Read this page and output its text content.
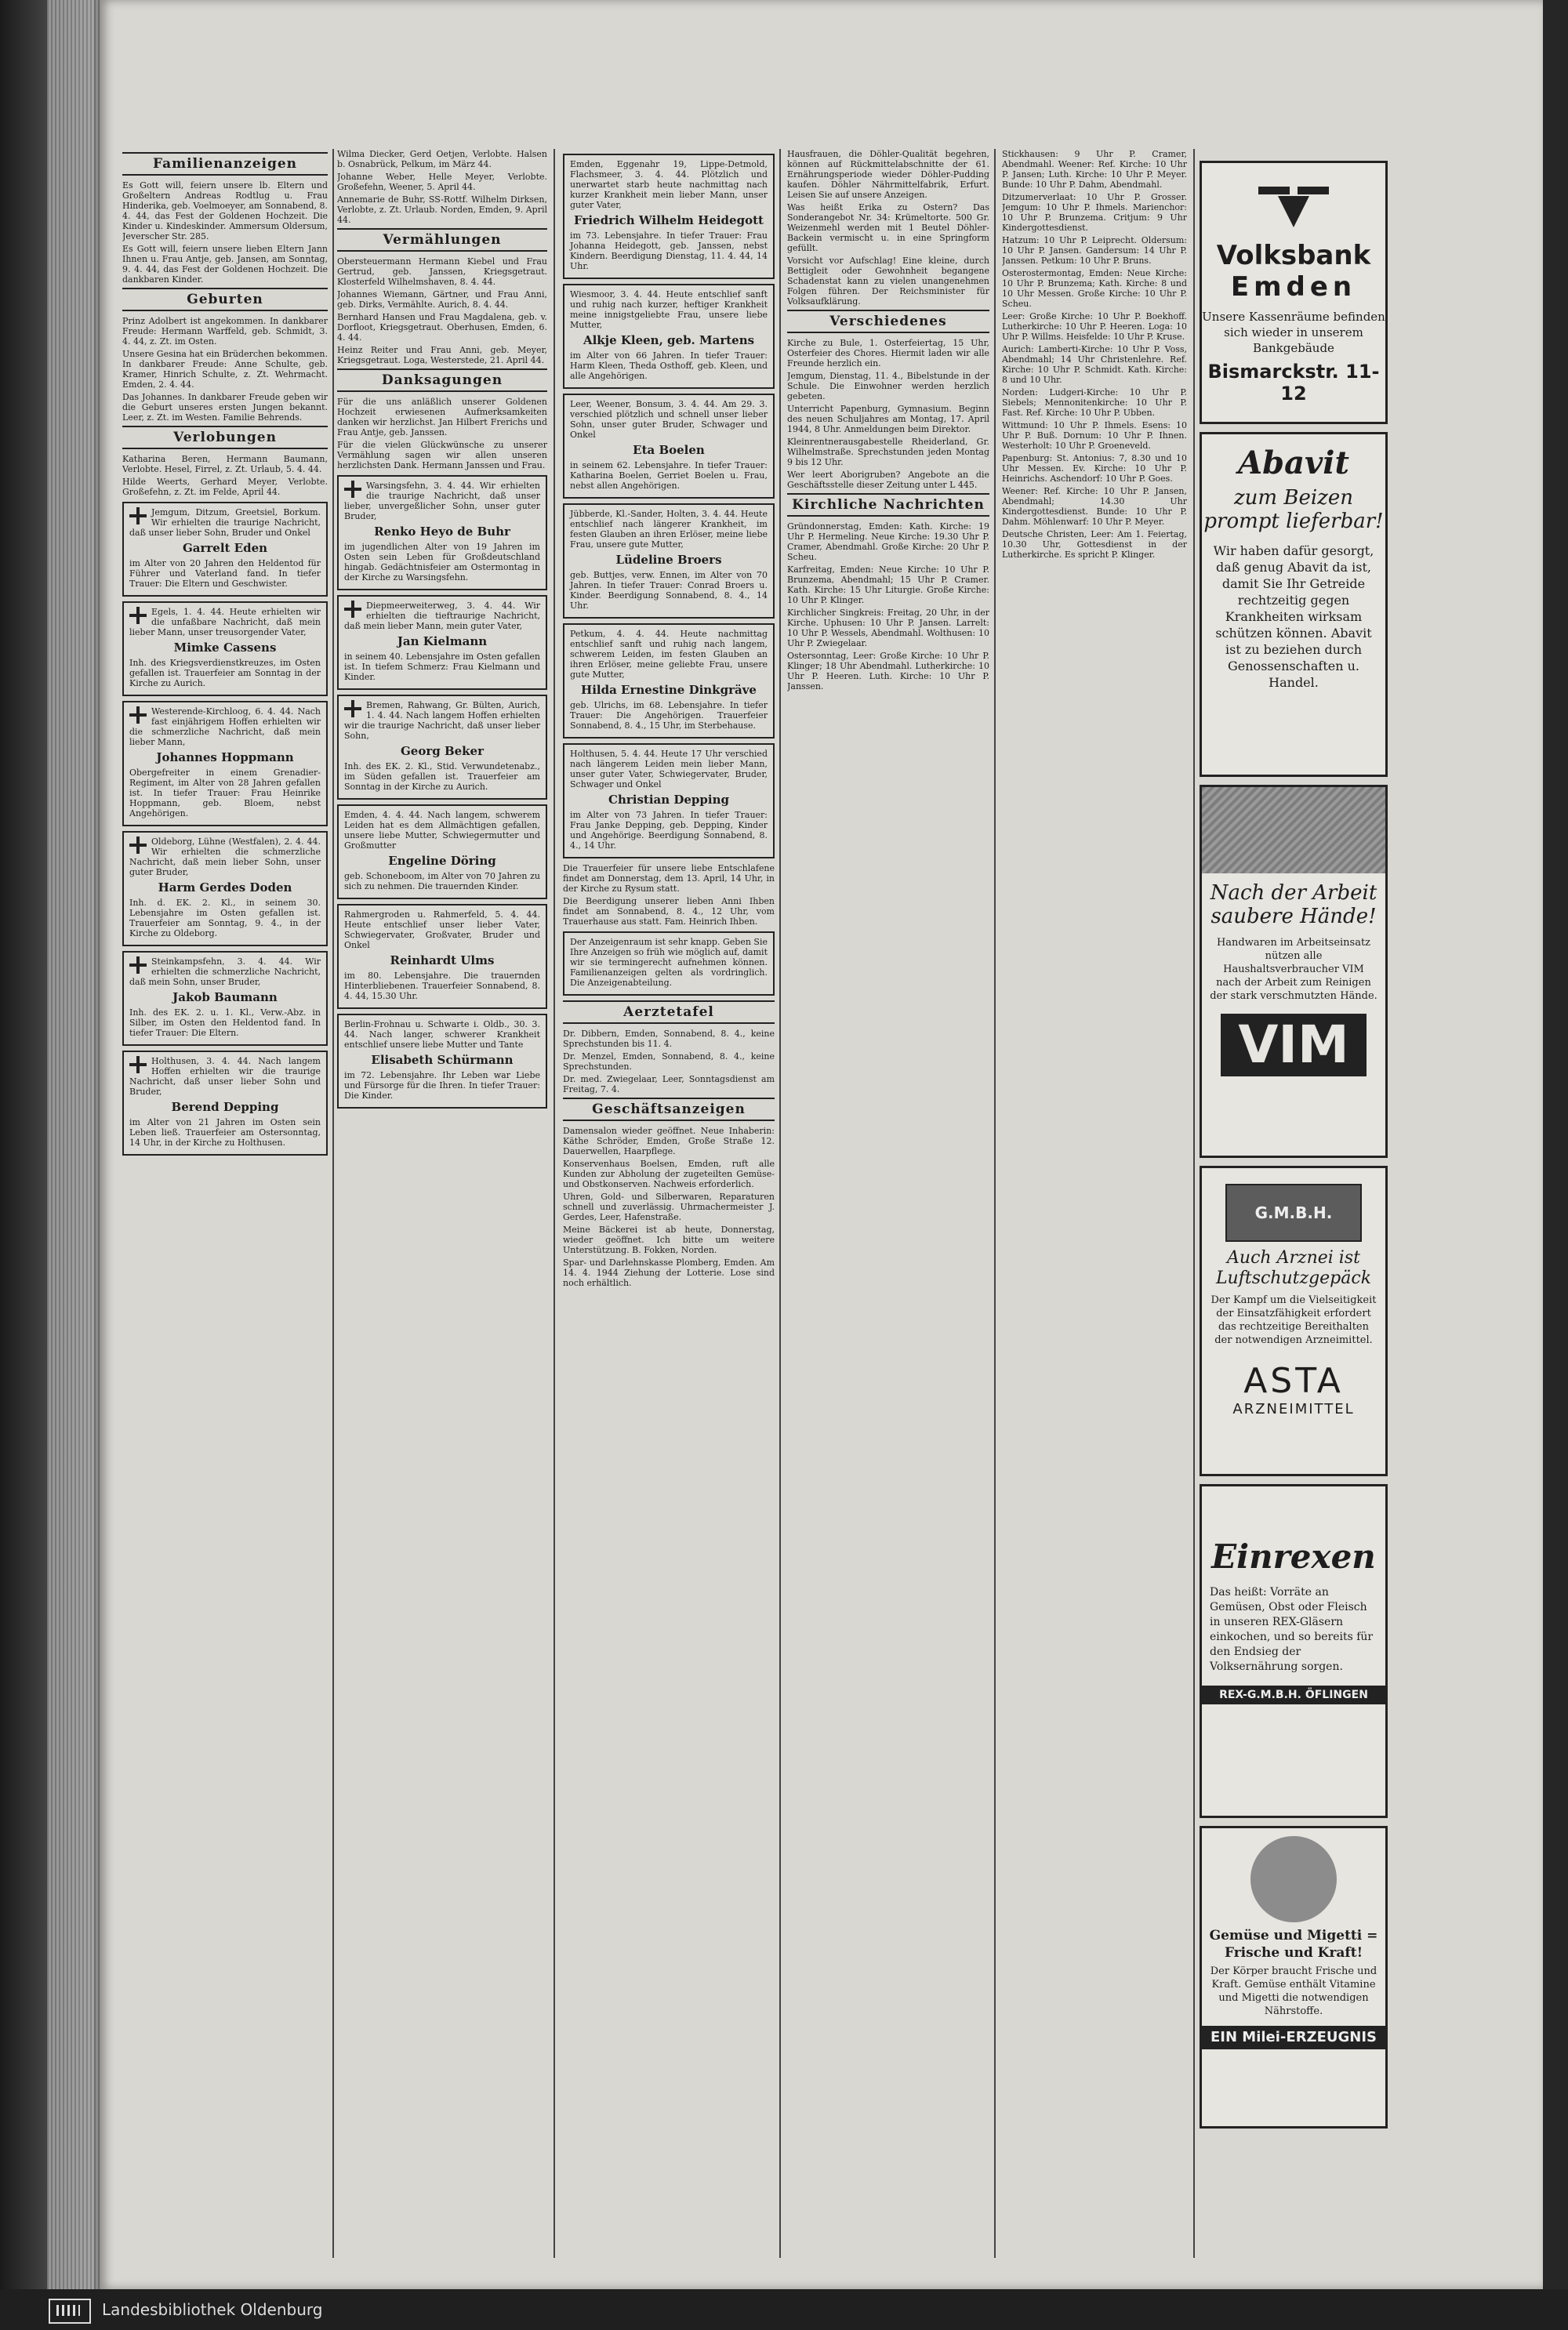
Familienanzeigen

Es Gott will, feiern unsere lb. Eltern und Großeltern Andreas Rodtlug u. Frau Hinderika, geb. Voelmoeyer, am Sonnabend, 8. 4. 44, das Fest der Goldenen Hochzeit. Die Kinder u. Kindeskinder. Ammersum Oldersum, Jeverscher Str. 285.

Es Gott will, feiern unsere lieben Eltern Jann Ihnen u. Frau Antje, geb. Jansen, am Sonntag, 9. 4. 44, das Fest der Goldenen Hochzeit. Die dankbaren Kinder.

Geburten

Prinz Adolbert ist angekommen. In dankbarer Freude: Hermann Warffeld, geb. Schmidt, 3. 4. 44, z. Zt. im Osten.

Unsere Gesina hat ein Brüderchen bekommen. In dankbarer Freude: Anne Schulte, geb. Kramer, Hinrich Schulte, z. Zt. Wehrmacht. Emden, 2. 4. 44.

Das Johannes. In dankbarer Freude geben wir die Geburt unseres ersten Jungen bekannt. Leer, z. Zt. im Westen. Familie Behrends.

Verlobungen

Katharina Beren, Hermann Baumann, Verlobte. Hesel, Firrel, z. Zt. Urlaub, 5. 4. 44.

Hilde Weerts, Gerhard Meyer, Verlobte. Großefehn, z. Zt. im Felde, April 44.

Jemgum, Ditzum, Greetsiel, Borkum. Wir erhielten die traurige Nachricht, daß unser lieber Sohn, Bruder und Onkel

Garrelt Eden

im Alter von 20 Jahren den Heldentod für Führer und Vaterland fand. In tiefer Trauer: Die Eltern und Geschwister.

Egels, 1. 4. 44. Heute erhielten wir die unfaßbare Nachricht, daß mein lieber Mann, unser treusorgender Vater,

Mimke Cassens

Inh. des Kriegsverdienstkreuzes, im Osten gefallen ist. Trauerfeier am Sonntag in der Kirche zu Aurich.

Westerende-Kirchloog, 6. 4. 44. Nach fast einjährigem Hoffen erhielten wir die schmerzliche Nachricht, daß mein lieber Mann,

Johannes Hoppmann

Obergefreiter in einem Grenadier-Regiment, im Alter von 28 Jahren gefallen ist. In tiefer Trauer: Frau Heinrike Hoppmann, geb. Bloem, nebst Angehörigen.

Oldeborg, Lühne (Westfalen), 2. 4. 44. Wir erhielten die schmerzliche Nachricht, daß mein lieber Sohn, unser guter Bruder,

Harm Gerdes Doden

Inh. d. EK. 2. Kl., in seinem 30. Lebensjahre im Osten gefallen ist. Trauerfeier am Sonntag, 9. 4., in der Kirche zu Oldeborg.

Steinkampsfehn, 3. 4. 44. Wir erhielten die schmerzliche Nachricht, daß mein Sohn, unser Bruder,

Jakob Baumann

Inh. des EK. 2. u. 1. Kl., Verw.-Abz. in Silber, im Osten den Heldentod fand. In tiefer Trauer: Die Eltern.

Holthusen, 3. 4. 44. Nach langem Hoffen erhielten wir die traurige Nachricht, daß unser lieber Sohn und Bruder,

Berend Depping

im Alter von 21 Jahren im Osten sein Leben ließ. Trauerfeier am Ostersonntag, 14 Uhr, in der Kirche zu Holthusen.

Wilma Diecker, Gerd Oetjen, Verlobte. Halsen b. Osnabrück, Pelkum, im März 44.

Johanne Weber, Helle Meyer, Verlobte. Großefehn, Weener, 5. April 44.

Annemarie de Buhr, SS-Rottf. Wilhelm Dirksen, Verlobte, z. Zt. Urlaub. Norden, Emden, 9. April 44.

Vermählungen

Obersteuermann Hermann Kiebel und Frau Gertrud, geb. Janssen, Kriegsgetraut. Klosterfeld Wilhelmshaven, 8. 4. 44.

Johannes Wiemann, Gärtner, und Frau Anni, geb. Dirks, Vermählte. Aurich, 8. 4. 44.

Bernhard Hansen und Frau Magdalena, geb. v. Dorfloot, Kriegsgetraut. Oberhusen, Emden, 6. 4. 44.

Heinz Reiter und Frau Anni, geb. Meyer, Kriegsgetraut. Loga, Westerstede, 21. April 44.

Danksagungen

Für die uns anläßlich unserer Goldenen Hochzeit erwiesenen Aufmerksamkeiten danken wir herzlichst. Jan Hilbert Frerichs und Frau Antje, geb. Janssen.

Für die vielen Glückwünsche zu unserer Vermählung sagen wir allen unseren herzlichsten Dank. Hermann Janssen und Frau.

Warsingsfehn, 3. 4. 44. Wir erhielten die traurige Nachricht, daß unser lieber, unvergeßlicher Sohn, unser guter Bruder,

Renko Heyo de Buhr

im jugendlichen Alter von 19 Jahren im Osten sein Leben für Großdeutschland hingab. Gedächtnisfeier am Ostermontag in der Kirche zu Warsingsfehn.

Diepmeerweiterweg, 3. 4. 44. Wir erhielten die tieftraurige Nachricht, daß mein lieber Mann, mein guter Vater,

Jan Kielmann

in seinem 40. Lebensjahre im Osten gefallen ist. In tiefem Schmerz: Frau Kielmann und Kinder.

Bremen, Rahwang, Gr. Bülten, Aurich, 1. 4. 44. Nach langem Hoffen erhielten wir die traurige Nachricht, daß unser lieber Sohn,

Georg Beker

Inh. des EK. 2. Kl., Stid. Verwundetenabz., im Süden gefallen ist. Trauerfeier am Sonntag in der Kirche zu Aurich.

Emden, 4. 4. 44. Nach langem, schwerem Leiden hat es dem Allmächtigen gefallen, unsere liebe Mutter, Schwiegermutter und Großmutter

Engeline Döring

geb. Schoneboom, im Alter von 70 Jahren zu sich zu nehmen. Die trauernden Kinder.

Rahmergroden u. Rahmerfeld, 5. 4. 44. Heute entschlief unser lieber Vater, Schwiegervater, Großvater, Bruder und Onkel

Reinhardt Ulms

im 80. Lebensjahre. Die trauernden Hinterbliebenen. Trauerfeier Sonnabend, 8. 4. 44, 15.30 Uhr.

Berlin-Frohnau u. Schwarte i. Oldb., 30. 3. 44. Nach langer, schwerer Krankheit entschlief unsere liebe Mutter und Tante

Elisabeth Schürmann

im 72. Lebensjahre. Ihr Leben war Liebe und Fürsorge für die Ihren. In tiefer Trauer: Die Kinder.

Emden, Eggenahr 19, Lippe-Detmold, Flachsmeer, 3. 4. 44. Plötzlich und unerwartet starb heute nachmittag nach kurzer Krankheit mein lieber Mann, unser guter Vater,

Friedrich Wilhelm Heidegott

im 73. Lebensjahre. In tiefer Trauer: Frau Johanna Heidegott, geb. Janssen, nebst Kindern. Beerdigung Dienstag, 11. 4. 44, 14 Uhr.

Wiesmoor, 3. 4. 44. Heute entschlief sanft und ruhig nach kurzer, heftiger Krankheit meine innigstgeliebte Frau, unsere liebe Mutter,

Alkje Kleen, geb. Martens

im Alter von 66 Jahren. In tiefer Trauer: Harm Kleen, Theda Osthoff, geb. Kleen, und alle Angehörigen.

Leer, Weener, Bonsum, 3. 4. 44. Am 29. 3. verschied plötzlich und schnell unser lieber Sohn, unser guter Bruder, Schwager und Onkel

Eta Boelen

in seinem 62. Lebensjahre. In tiefer Trauer: Katharina Boelen, Gerriet Boelen u. Frau, nebst allen Angehörigen.

Jübberde, Kl.-Sander, Holten, 3. 4. 44. Heute entschlief nach längerer Krankheit, im festen Glauben an ihren Erlöser, meine liebe Frau, unsere gute Mutter,

Lüdeline Broers

geb. Buttjes, verw. Ennen, im Alter von 70 Jahren. In tiefer Trauer: Conrad Broers u. Kinder. Beerdigung Sonnabend, 8. 4., 14 Uhr.

Petkum, 4. 4. 44. Heute nachmittag entschlief sanft und ruhig nach langem, schwerem Leiden, im festen Glauben an ihren Erlöser, meine geliebte Frau, unsere gute Mutter,

Hilda Ernestine Dinkgräve

geb. Ulrichs, im 68. Lebensjahre. In tiefer Trauer: Die Angehörigen. Trauerfeier Sonnabend, 8. 4., 15 Uhr, im Sterbehause.

Holthusen, 5. 4. 44. Heute 17 Uhr verschied nach längerem Leiden mein lieber Mann, unser guter Vater, Schwiegervater, Bruder, Schwager und Onkel

Christian Depping

im Alter von 73 Jahren. In tiefer Trauer: Frau Janke Depping, geb. Depping, Kinder und Angehörige. Beerdigung Sonnabend, 8. 4., 14 Uhr.

Die Trauerfeier für unsere liebe Entschlafene findet am Donnerstag, dem 13. April, 14 Uhr, in der Kirche zu Rysum statt.

Die Beerdigung unserer lieben Anni Ihben findet am Sonnabend, 8. 4., 12 Uhr, vom Trauerhause aus statt. Fam. Heinrich Ihben.

Der Anzeigenraum ist sehr knapp. Geben Sie Ihre Anzeigen so früh wie möglich auf, damit wir sie termingerecht aufnehmen können. Familienanzeigen gelten als vordringlich. Die Anzeigenabteilung.

Aerztetafel

Dr. Dibbern, Emden, Sonnabend, 8. 4., keine Sprechstunden bis 11. 4.

Dr. Menzel, Emden, Sonnabend, 8. 4., keine Sprechstunden.

Dr. med. Zwiegelaar, Leer, Sonntagsdienst am Freitag, 7. 4.

Geschäftsanzeigen

Damensalon wieder geöffnet. Neue Inhaberin: Käthe Schröder, Emden, Große Straße 12. Dauerwellen, Haarpflege.

Konservenhaus Boelsen, Emden, ruft alle Kunden zur Abholung der zugeteilten Gemüse- und Obstkonserven. Nachweis erforderlich.

Uhren, Gold- und Silberwaren, Reparaturen schnell und zuverlässig. Uhrmachermeister J. Gerdes, Leer, Hafenstraße.

Meine Bäckerei ist ab heute, Donnerstag, wieder geöffnet. Ich bitte um weitere Unterstützung. B. Fokken, Norden.

Spar- und Darlehnskasse Plomberg, Emden. Am 14. 4. 1944 Ziehung der Lotterie. Lose sind noch erhältlich.

Hausfrauen, die Döhler-Qualität begehren, können auf Rückmittelabschnitte der 61. Ernährungsperiode wieder Döhler-Pudding kaufen. Döhler Nährmittelfabrik, Erfurt. Leisen Sie auf unsere Anzeigen.

Was heißt Erika zu Ostern? Das Sonderangebot Nr. 34: Krümeltorte. 500 Gr. Weizenmehl werden mit 1 Beutel Döhler-Backein vermischt u. in eine Springform gefüllt.

Vorsicht vor Aufschlag! Eine kleine, durch Bettigleit oder Gewohnheit begangene Schadenstat kann zu vielen unangenehmen Folgen führen. Der Reichsminister für Volksaufklärung.

Verschiedenes

Kirche zu Bule, 1. Osterfeiertag, 15 Uhr, Osterfeier des Chores. Hiermit laden wir alle Freunde herzlich ein.

Jemgum, Dienstag, 11. 4., Bibelstunde in der Schule. Die Einwohner werden herzlich gebeten.

Unterricht Papenburg, Gymnasium. Beginn des neuen Schuljahres am Montag, 17. April 1944, 8 Uhr. Anmeldungen beim Direktor.

Kleinrentnerausgabestelle Rheiderland, Gr. Wilhelmstraße. Sprechstunden jeden Montag 9 bis 12 Uhr.

Wer leert Aborigruben? Angebote an die Geschäftsstelle dieser Zeitung unter L 445.

Kirchliche Nachrichten

Gründonnerstag, Emden: Kath. Kirche: 19 Uhr P. Hermeling. Neue Kirche: 19.30 Uhr P. Cramer, Abendmahl. Große Kirche: 20 Uhr P. Scheu.

Karfreitag, Emden: Neue Kirche: 10 Uhr P. Brunzema, Abendmahl; 15 Uhr P. Cramer. Kath. Kirche: 15 Uhr Liturgie. Große Kirche: 10 Uhr P. Klinger.

Kirchlicher Singkreis: Freitag, 20 Uhr, in der Kirche. Uphusen: 10 Uhr P. Jansen. Larrelt: 10 Uhr P. Wessels, Abendmahl. Wolthusen: 10 Uhr P. Zwiegelaar.

Ostersonntag, Leer: Große Kirche: 10 Uhr P. Klinger; 18 Uhr Abendmahl. Lutherkirche: 10 Uhr P. Heeren. Luth. Kirche: 10 Uhr P. Janssen.

Stickhausen: 9 Uhr P. Cramer, Abendmahl. Weener: Ref. Kirche: 10 Uhr P. Jansen; Luth. Kirche: 10 Uhr P. Meyer. Bunde: 10 Uhr P. Dahm, Abendmahl.

Ditzumerverlaat: 10 Uhr P. Grosser. Jemgum: 10 Uhr P. Ihmels. Marienchor: 10 Uhr P. Brunzema. Critjum: 9 Uhr Kindergottesdienst.

Hatzum: 10 Uhr P. Leiprecht. Oldersum: 10 Uhr P. Jansen. Gandersum: 14 Uhr P. Janssen. Petkum: 10 Uhr P. Bruns.

Osterostermontag, Emden: Neue Kirche: 10 Uhr P. Brunzema; Kath. Kirche: 8 und 10 Uhr Messen. Große Kirche: 10 Uhr P. Scheu.

Leer: Große Kirche: 10 Uhr P. Boekhoff. Lutherkirche: 10 Uhr P. Heeren. Loga: 10 Uhr P. Willms. Heisfelde: 10 Uhr P. Kruse.

Aurich: Lamberti-Kirche: 10 Uhr P. Voss, Abendmahl; 14 Uhr Christenlehre. Ref. Kirche: 10 Uhr P. Schmidt. Kath. Kirche: 8 und 10 Uhr.

Norden: Ludgeri-Kirche: 10 Uhr P. Siebels; Mennonitenkirche: 10 Uhr P. Fast. Ref. Kirche: 10 Uhr P. Ubben.

Wittmund: 10 Uhr P. Ihmels. Esens: 10 Uhr P. Buß. Dornum: 10 Uhr P. Ihnen. Westerholt: 10 Uhr P. Groeneveld.

Papenburg: St. Antonius: 7, 8.30 und 10 Uhr Messen. Ev. Kirche: 10 Uhr P. Heinrichs. Aschendorf: 10 Uhr P. Goes.

Weener: Ref. Kirche: 10 Uhr P. Jansen, Abendmahl; 14.30 Uhr Kindergottesdienst. Bunde: 10 Uhr P. Dahm. Möhlenwarf: 10 Uhr P. Meyer.

Deutsche Christen, Leer: Am 1. Feiertag, 10.30 Uhr, Gottesdienst in der Lutherkirche. Es spricht P. Klinger.

Volksbank
Emden
Unsere Kassenräume befinden sich wieder in unserem Bankgebäude
Bismarckstr. 11-12
Abavit
zum Beizen prompt lieferbar!
Wir haben dafür gesorgt, daß genug Abavit da ist, damit Sie Ihr Getreide rechtzeitig gegen Krankheiten wirksam schützen können. Abavit ist zu beziehen durch Genossenschaften u. Handel.
Nach der Arbeit saubere Hände!
Handwaren im Arbeitseinsatz nützen alle Haushaltsverbraucher VIM nach der Arbeit zum Reinigen der stark verschmutzten Hände.
VIM
G.M.B.H.
Auch Arznei ist Luftschutzgepäck
Der Kampf um die Vielseitigkeit der Einsatzfähigkeit erfordert das rechtzeitige Bereithalten der notwendigen Arzneimittel.
ASTA
ARZNEIMITTEL
Einrexen
Das heißt: Vorräte an Gemüsen, Obst oder Fleisch in unseren REX-Gläsern einkochen, und so bereits für den Endsieg der Volksernährung sorgen.
REX-G.M.B.H. ÖFLINGEN
Gemüse und Migetti = Frische und Kraft!
Der Körper braucht Frische und Kraft. Gemüse enthält Vitamine und Migetti die notwendigen Nährstoffe.
EIN Milei-ERZEUGNIS
Landesbibliothek Oldenburg
